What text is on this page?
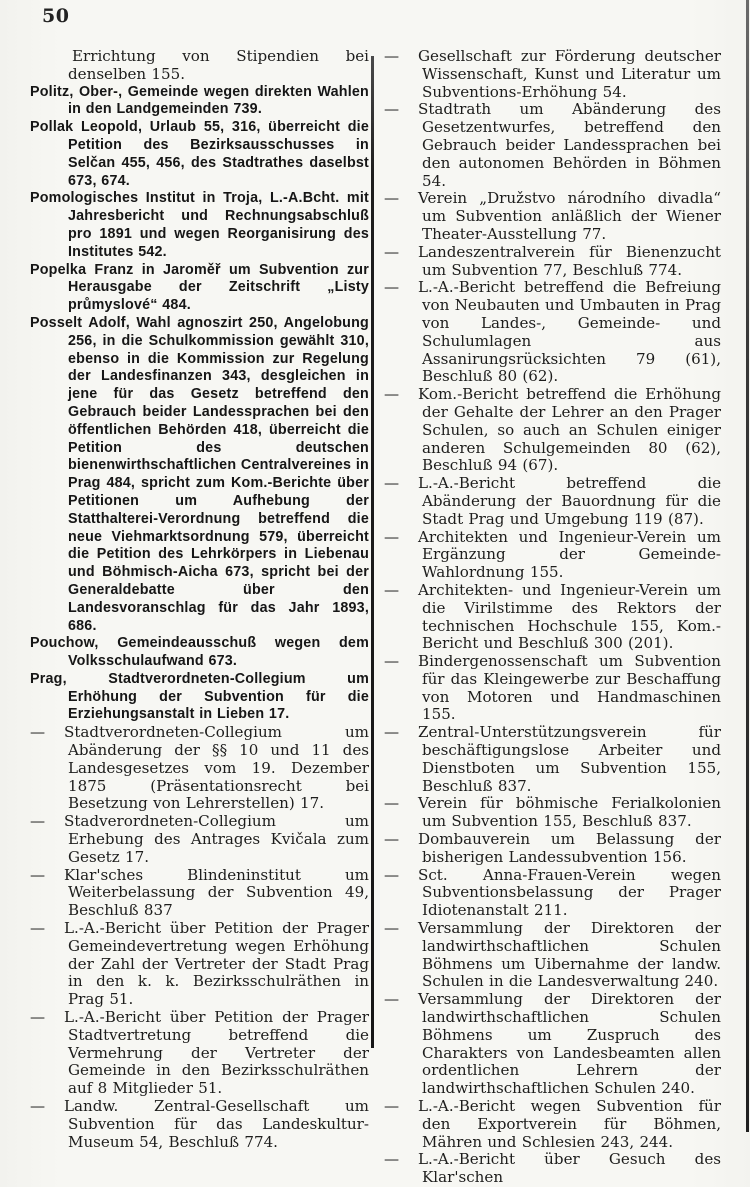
50

Errichtung von Stipendien bei denselben 155.

Politz, Ober-, Gemeinde wegen direkten Wahlen in den Landgemeinden 739.

Pollak Leopold, Urlaub 55, 316, überreicht die Petition des Bezirksausschusses in Selčan 455, 456, des Stadtrathes daselbst 673, 674.

Pomologisches Institut in Troja, L.-A.Bcht. mit Jahresbericht und Rechnungsabschluß pro 1891 und wegen Reorganisirung des Institutes 542.

Popelka Franz in Jaroměř um Subvention zur Herausgabe der Zeitschrift „Listy průmyslové“ 484.

Posselt Adolf, Wahl agnoszirt 250, Angelobung 256, in die Schulkommission gewählt 310, ebenso in die Kommission zur Regelung der Landesfinanzen 343, desgleichen in jene für das Gesetz betreffend den Gebrauch beider Landessprachen bei den öffentlichen Behörden 418, überreicht die Petition des deutschen bienenwirthschaftlichen Centralvereines in Prag 484, spricht zum Kom.-Berichte über Petitionen um Aufhebung der Statthalterei-Verordnung betreffend die neue Viehmarktsordnung 579, überreicht die Petition des Lehrkörpers in Liebenau und Böhmisch-Aicha 673, spricht bei der Generaldebatte über den Landesvoranschlag für das Jahr 1893, 686.

Pouchow, Gemeindeausschuß wegen dem Volksschulaufwand 673.

Prag,	Stadtverordneten-Collegium um Erhöhung der Subvention für die Erziehungsanstalt in Lieben 17.

— Stadtverordneten-Collegium um Abänderung der §§ 10 und 11 des Landesgesetzes vom 19. Dezember 1875 (Präsentationsrecht bei Besetzung von Lehrerstellen) 17.

— Stadverordneten-Collegium um Erhebung des Antrages Kvičala zum Gesetz 17.

— Klar'sches Blindeninstitut um Weiterbelassung der Subvention 49, Beschluß 837

— L.-A.-Bericht über Petition der Prager Gemeindevertretung wegen Erhöhung der Zahl der Vertreter der Stadt Prag in den k. k. Bezirksschulräthen in Prag 51.

— L.-A.-Bericht über Petition der Prager Stadtvertretung betreffend die Vermehrung der Vertreter der Gemeinde in den Bezirksschulräthen auf 8 Mitglieder 51.

— Landw. Zentral-Gesellschaft um Subvention für das Landeskultur-Museum 54, Beschluß 774.

— Gesellschaft zur Förderung deutscher Wissenschaft, Kunst und Literatur um Subventions-Erhöhung 54.

— Stadtrath um Abänderung des Gesetzentwurfes, betreffend den Gebrauch beider Landessprachen bei den autonomen Behörden in Böhmen 54.

— Verein „Družstvo národního divadla“ um Subvention anläßlich der Wiener Theater-Ausstellung 77.

— Landeszentralverein für Bienenzucht um Subvention 77, Beschluß 774.

— L.-A.-Bericht betreffend die Befreiung von Neubauten und Umbauten in Prag von Landes-, Gemeinde- und Schulumlagen aus Assanirungsrücksichten 79 (61), Beschluß 80 (62).

— Kom.-Bericht betreffend die Erhöhung der Gehalte der Lehrer an den Prager Schulen, so auch an Schulen einiger anderen Schulgemeinden 80 (62), Beschluß 94 (67).

— L.-A.-Bericht betreffend die Abänderung der Bauordnung für die Stadt Prag und Umgebung 119 (87).

— Architekten und Ingenieur-Verein um Ergänzung der Gemeinde-Wahlordnung 155.

— Architekten- und Ingenieur-Verein um die Virilstimme des Rektors der technischen Hochschule 155, Kom.-Bericht und Beschluß 300 (201).

— Bindergenossenschaft um Subvention für das Kleingewerbe zur Beschaffung von Motoren und Handmaschinen 155.

— Zentral-Unterstützungsverein für beschäftigungslose Arbeiter und Dienstboten um Subvention 155, Beschluß 837.

— Verein für böhmische Ferialkolonien um Subvention 155, Beschluß 837.

— Dombauverein um Belassung der bisherigen Landessubvention 156.

— Sct. Anna-Frauen-Verein wegen Subventionsbelassung der Prager Idiotenanstalt 211.

— Versammlung der Direktoren der landwirthschaftlichen Schulen Böhmens um Uibernahme der landw. Schulen in die Landesverwaltung 240.

— Versammlung der Direktoren der landwirthschaftlichen Schulen Böhmens um Zuspruch des Charakters von Landesbeamten allen ordentlichen Lehrern der landwirthschaftlichen Schulen 240.

— L.-A.-Bericht wegen Subvention für den Exportverein für Böhmen, Mähren und Schlesien 243, 244.

— L.-A.-Bericht über Gesuch des Klar'schen
